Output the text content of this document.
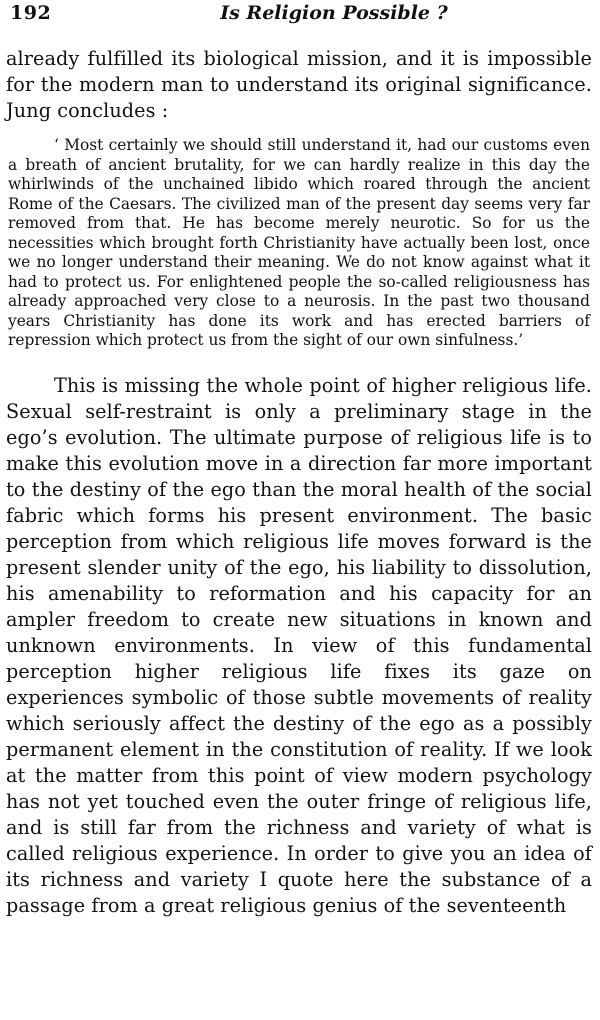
192	Is Religion Possible ?

already fulfilled its biological mission, and it is impossible for the modern man to understand its original significance. Jung concludes :

‘ Most certainly we should still understand it, had our customs even a breath of ancient brutality, for we can hardly realize in this day the whirlwinds of the unchained libido which roared through the ancient Rome of the Caesars. The civilized man of the present day seems very far removed from that. He has become merely neurotic. So for us the necessities which brought forth Christianity have actually been lost, once we no longer understand their meaning. We do not know against what it had to protect us. For enlightened people the so-called religiousness has already approached very close to a neurosis. In the past two thousand years Christianity has done its work and has erected barriers of repression which protect us from the sight of our own sinfulness.’

This is missing the whole point of higher religious life. Sexual self-restraint is only a preliminary stage in the ego’s evolution. The ultimate purpose of religious life is to make this evolution move in a direction far more important to the destiny of the ego than the moral health of the social fabric which forms his present environment. The basic perception from which religious life moves forward is the present slender unity of the ego, his liability to dissolution, his amenability to reformation and his capacity for an ampler freedom to create new situations in known and unknown environments. In view of this fundamental perception higher religious life fixes its gaze on experiences symbolic of those subtle movements of reality which seriously affect the destiny of the ego as a possibly permanent element in the constitution of reality. If we look at the matter from this point of view modern psychology has not yet touched even the outer fringe of religious life, and is still far from the richness and variety of what is called religious experience. In order to give you an idea of its richness and variety I quote here the substance of a passage from a great religious genius of the seventeenth
